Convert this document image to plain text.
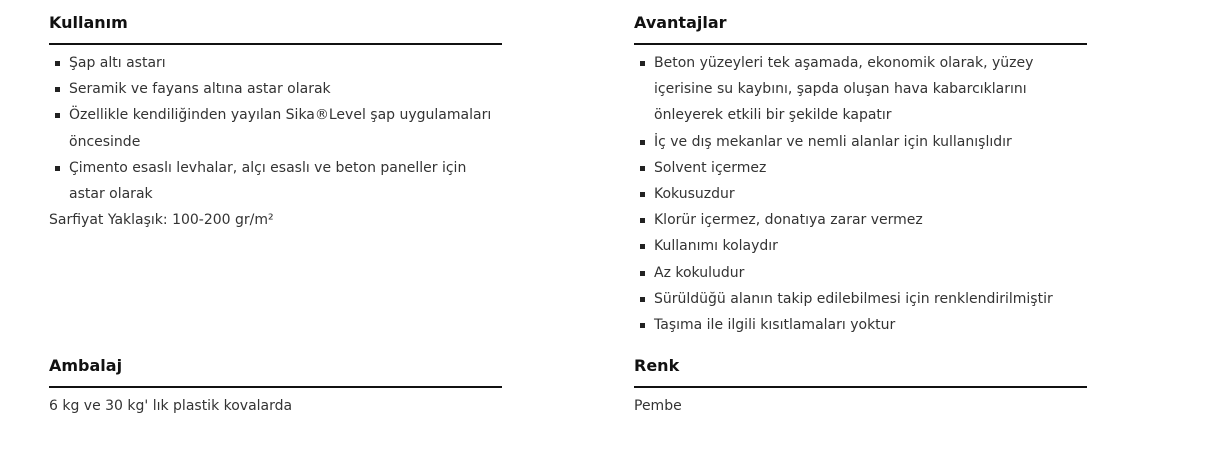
Kullanım
Şap altı astarı
Seramik ve fayans altına astar olarak
Özellikle kendiliğinden yayılan Sika®Level şap uygulamaları öncesinde
Çimento esaslı levhalar, alçı esaslı ve beton paneller için astar olarak

Sarfiyat Yaklaşık: 100-200 gr/m²

Avantajlar
Beton yüzeyleri tek aşamada, ekonomik olarak, yüzey içerisine su kaybını, şapda oluşan hava kabarcıklarını önleyerek etkili bir şekilde kapatır
İç ve dış mekanlar ve nemli alanlar için kullanışlıdır
Solvent içermez
Kokusuzdur
Klorür içermez, donatıya zarar vermez
Kullanımı kolaydır
Az kokuludur
Sürüldüğü alanın takip edilebilmesi için renklendirilmiştir
Taşıma ile ilgili kısıtlamaları yoktur
Ambalaj

6 kg ve 30 kg' lık plastik kovalarda

Renk

Pembe
